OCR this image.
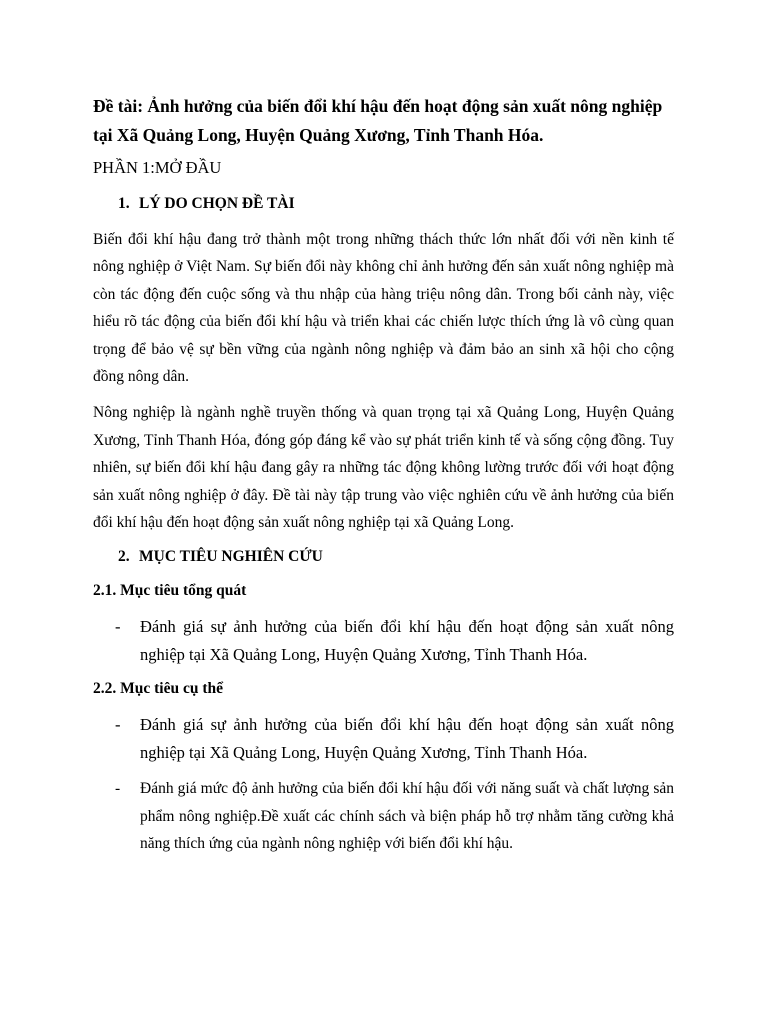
Đề tài: Ảnh hưởng của biến đổi khí hậu đến hoạt động sản xuất nông nghiệp tại Xã Quảng Long, Huyện Quảng Xương, Tỉnh Thanh Hóa.

PHẦN 1:MỞ ĐẦU

1. LÝ DO CHỌN ĐỀ TÀI

Biến đổi khí hậu đang trở thành một trong những thách thức lớn nhất đối với nền kinh tế nông nghiệp ở Việt Nam. Sự biến đổi này không chỉ ảnh hưởng đến sản xuất nông nghiệp mà còn tác động đến cuộc sống và thu nhập của hàng triệu nông dân. Trong bối cảnh này, việc hiểu rõ tác động của biến đổi khí hậu và triển khai các chiến lược thích ứng là vô cùng quan trọng để bảo vệ sự bền vững của ngành nông nghiệp và đảm bảo an sinh xã hội cho cộng đồng nông dân.

Nông nghiệp là ngành nghề truyền thống và quan trọng tại xã Quảng Long, Huyện Quảng Xương, Tỉnh Thanh Hóa, đóng góp đáng kể vào sự phát triển kinh tế và sống cộng đồng. Tuy nhiên, sự biến đổi khí hậu đang gây ra những tác động không lường trước đối với hoạt động sản xuất nông nghiệp ở đây. Đề tài này tập trung vào việc nghiên cứu về ảnh hưởng của biến đổi khí hậu đến hoạt động sản xuất nông nghiệp tại xã Quảng Long.

2. MỤC TIÊU NGHIÊN CỨU

2.1. Mục tiêu tổng quát

- Đánh giá sự ảnh hưởng của biến đổi khí hậu đến hoạt động sản xuất nông nghiệp tại Xã Quảng Long, Huyện Quảng Xương, Tỉnh Thanh Hóa.

2.2. Mục tiêu cụ thể

- Đánh giá sự ảnh hưởng của biến đổi khí hậu đến hoạt động sản xuất nông nghiệp tại Xã Quảng Long, Huyện Quảng Xương, Tỉnh Thanh Hóa.
- Đánh giá mức độ ảnh hưởng của biến đổi khí hậu đối với năng suất và chất lượng sản phẩm nông nghiệp.Đề xuất các chính sách và biện pháp hỗ trợ nhằm tăng cường khả năng thích ứng của ngành nông nghiệp với biến đổi khí hậu.
